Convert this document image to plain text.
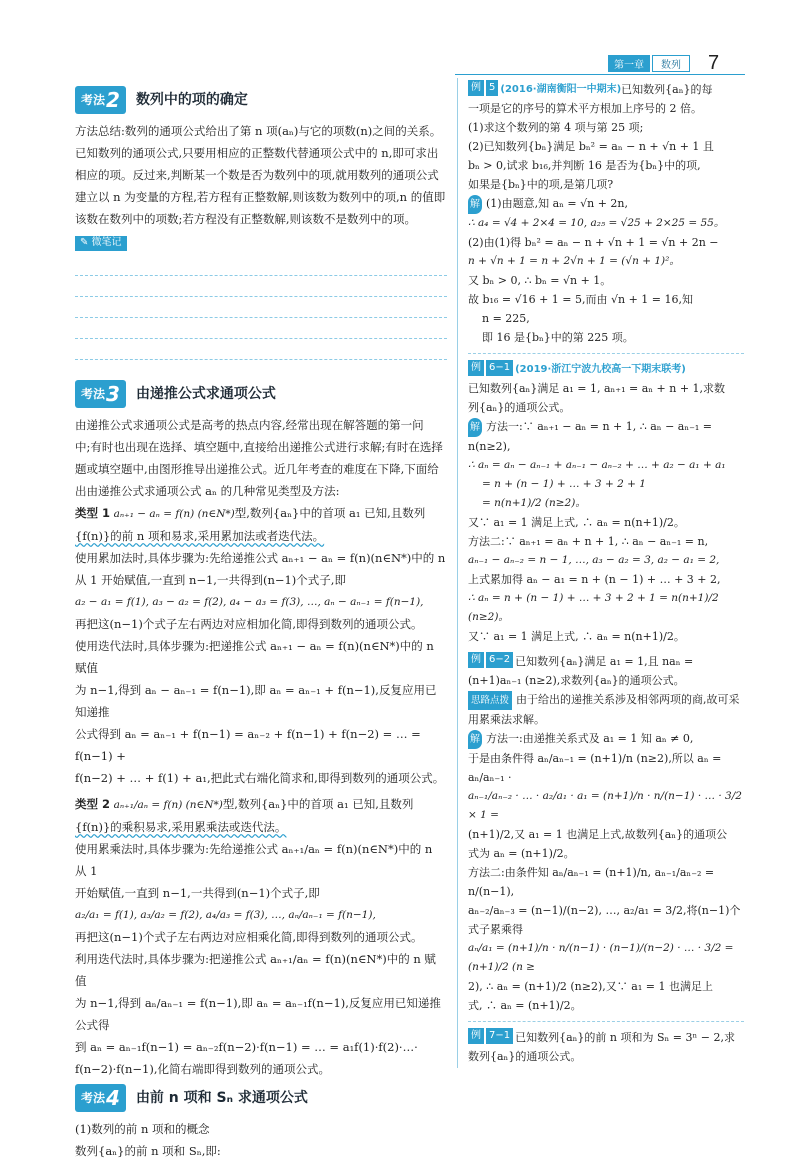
第一章	数列	7
考法 2 数列中的项的确定

方法总结:数列的通项公式给出了第 n 项(aₙ)与它的项数(n)之间的关系。

已知数列的通项公式,只要用相应的正整数代替通项公式中的 n,即可求出

相应的项。反过来,判断某一个数是否为数列中的项,就用数列的通项公式

建立以 n 为变量的方程,若方程有正整数解,则该数为数列中的项,n 的值即

该数在数列中的项数;若方程没有正整数解,则该数不是数列中的项。

✎ 微笔记
考法 3 由递推公式求通项公式

由递推公式求通项公式是高考的热点内容,经常出现在解答题的第一问

中;有时也出现在选择、填空题中,直接给出递推公式进行求解;有时在选择

题或填空题中,由图形推导出递推公式。近几年考查的难度在下降,下面给

出由递推公式求通项公式 aₙ 的几种常见类型及方法:

类型 1 aₙ₊₁ − aₙ = f(n) (n∈N*)型,数列{aₙ}中的首项 a₁ 已知,且数列

{f(n)}的前 n 项和易求,采用累加法或者迭代法。

使用累加法时,具体步骤为:先给递推公式 aₙ₊₁ − aₙ = f(n)(n∈N*)中的 n

从 1 开始赋值,一直到 n−1,一共得到(n−1)个式子,即

a₂ − a₁ = f(1), a₃ − a₂ = f(2), a₄ − a₃ = f(3), …, aₙ − aₙ₋₁ = f(n−1),

再把这(n−1)个式子左右两边对应相加化简,即得到数列的通项公式。

使用迭代法时,具体步骤为:把递推公式 aₙ₊₁ − aₙ = f(n)(n∈N*)中的 n 赋值

为 n−1,得到 aₙ − aₙ₋₁ = f(n−1),即 aₙ = aₙ₋₁ + f(n−1),反复应用已知递推

公式得到 aₙ = aₙ₋₁ + f(n−1) = aₙ₋₂ + f(n−1) + f(n−2) = … = f(n−1) +

f(n−2) + … + f(1) + a₁,把此式右端化简求和,即得到数列的通项公式。

类型 2 aₙ₊₁/aₙ = f(n) (n∈N*)型,数列{aₙ}中的首项 a₁ 已知,且数列

{f(n)}的乘积易求,采用累乘法或迭代法。

使用累乘法时,具体步骤为:先给递推公式 aₙ₊₁/aₙ = f(n)(n∈N*)中的 n 从 1

开始赋值,一直到 n−1,一共得到(n−1)个式子,即

a₂/a₁ = f(1), a₃/a₂ = f(2), a₄/a₃ = f(3), …, aₙ/aₙ₋₁ = f(n−1),

再把这(n−1)个式子左右两边对应相乘化简,即得到数列的通项公式。

利用迭代法时,具体步骤为:把递推公式 aₙ₊₁/aₙ = f(n)(n∈N*)中的 n 赋值

为 n−1,得到 aₙ/aₙ₋₁ = f(n−1),即 aₙ = aₙ₋₁f(n−1),反复应用已知递推公式得

到 aₙ = aₙ₋₁f(n−1) = aₙ₋₂f(n−2)·f(n−1) = … = a₁f(1)·f(2)·…·

f(n−2)·f(n−1),化简右端即得到数列的通项公式。

考法 4 由前 n 项和 Sₙ 求通项公式

(1)数列的前 n 项和的概念

数列{aₙ}的前 n 项和 Sₙ,即:

例 5 (2016·湖南衡阳一中期末) 已知数列{aₙ}的每

一项是它的序号的算术平方根加上序号的 2 倍。

(1)求这个数列的第 4 项与第 25 项;

(2)已知数列{bₙ}满足 bₙ² = aₙ − n + √n + 1 且

bₙ > 0,试求 b₁₆,并判断 16 是否为{bₙ}中的项,

如果是{bₙ}中的项,是第几项?

解 (1)由题意,知 aₙ = √n + 2n,

∴ a₄ = √4 + 2×4 = 10, a₂₅ = √25 + 2×25 = 55。

(2)由(1)得 bₙ² = aₙ − n + √n + 1 = √n + 2n −

n + √n + 1 = n + 2√n + 1 = (√n + 1)²。

又 bₙ > 0, ∴ bₙ = √n + 1。

故 b₁₆ = √16 + 1 = 5,而由 √n + 1 = 16,知

n = 225,

即 16 是{bₙ}中的第 225 项。

例 6−1 (2019·浙江宁波九校高一下期末联考)

已知数列{aₙ}满足 a₁ = 1, aₙ₊₁ = aₙ + n + 1,求数

列{aₙ}的通项公式。

解 方法一:∵ aₙ₊₁ − aₙ = n + 1, ∴ aₙ − aₙ₋₁ = n(n≥2),

∴ aₙ = aₙ − aₙ₋₁ + aₙ₋₁ − aₙ₋₂ + … + a₂ − a₁ + a₁

= n + (n − 1) + … + 3 + 2 + 1

= n(n+1)/2 (n≥2)。

又∵ a₁ = 1 满足上式, ∴ aₙ = n(n+1)/2。

方法二:∵ aₙ₊₁ = aₙ + n + 1, ∴ aₙ − aₙ₋₁ = n,

aₙ₋₁ − aₙ₋₂ = n − 1, …, a₃ − a₂ = 3, a₂ − a₁ = 2,

上式累加得 aₙ − a₁ = n + (n − 1) + … + 3 + 2,

∴ aₙ = n + (n − 1) + … + 3 + 2 + 1 = n(n+1)/2 (n≥2)。

又∵ a₁ = 1 满足上式, ∴ aₙ = n(n+1)/2。

例 6−2 已知数列{aₙ}满足 a₁ = 1,且 naₙ =

(n+1)aₙ₋₁ (n≥2),求数列{aₙ}的通项公式。

思路点拨 由于给出的递推关系涉及相邻两项的商,故可采用累乘法求解。

解 方法一:由递推关系式及 a₁ = 1 知 aₙ ≠ 0,

于是由条件得 aₙ/aₙ₋₁ = (n+1)/n (n≥2),所以 aₙ = aₙ/aₙ₋₁ ·

aₙ₋₁/aₙ₋₂ · … · a₂/a₁ · a₁ = (n+1)/n · n/(n−1) · … · 3/2 × 1 =

(n+1)/2,又 a₁ = 1 也满足上式,故数列{aₙ}的通项公

式为 aₙ = (n+1)/2。

方法二:由条件知 aₙ/aₙ₋₁ = (n+1)/n, aₙ₋₁/aₙ₋₂ = n/(n−1),

aₙ₋₂/aₙ₋₃ = (n−1)/(n−2), …, a₂/a₁ = 3/2,将(n−1)个式子累乘得

aₙ/a₁ = (n+1)/n · n/(n−1) · (n−1)/(n−2) · … · 3/2 = (n+1)/2 (n ≥

2), ∴ aₙ = (n+1)/2 (n≥2),又∵ a₁ = 1 也满足上

式, ∴ aₙ = (n+1)/2。

例 7−1 已知数列{aₙ}的前 n 项和为 Sₙ = 3ⁿ − 2,求

数列{aₙ}的通项公式。
